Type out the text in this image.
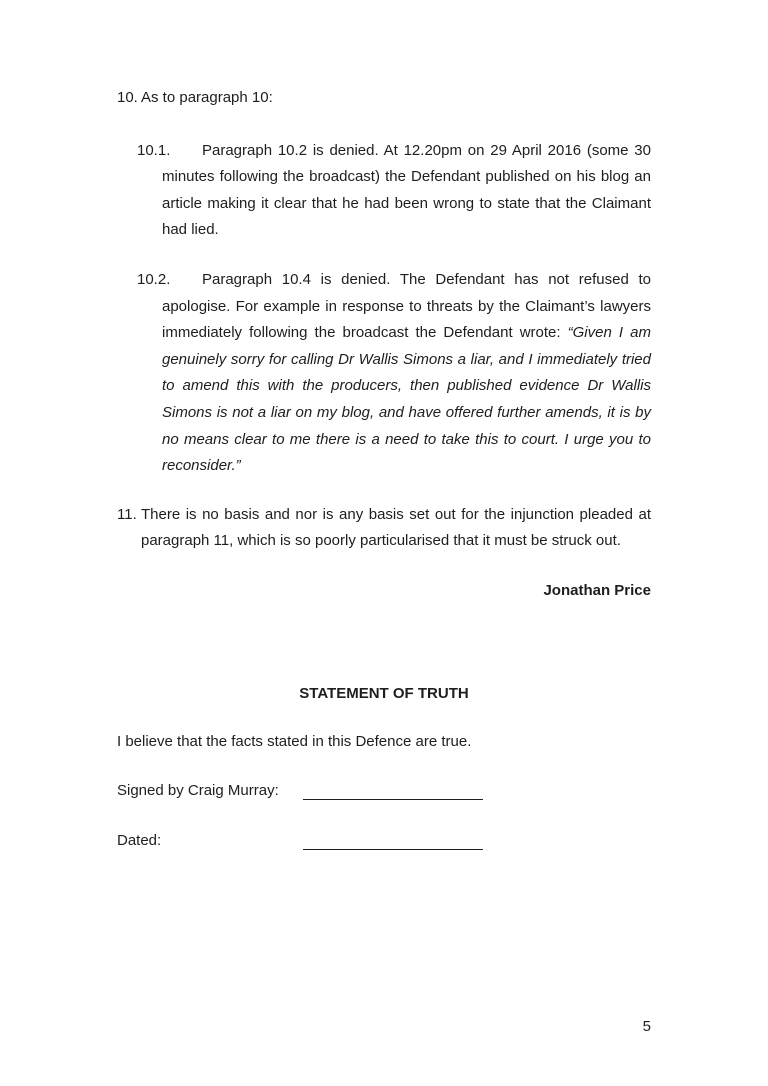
10. As to paragraph 10:
10.1. Paragraph 10.2 is denied. At 12.20pm on 29 April 2016 (some 30 minutes following the broadcast) the Defendant published on his blog an article making it clear that he had been wrong to state that the Claimant had lied.
10.2. Paragraph 10.4 is denied. The Defendant has not refused to apologise. For example in response to threats by the Claimant’s lawyers immediately following the broadcast the Defendant wrote: “Given I am genuinely sorry for calling Dr Wallis Simons a liar, and I immediately tried to amend this with the producers, then published evidence Dr Wallis Simons is not a liar on my blog, and have offered further amends, it is by no means clear to me there is a need to take this to court. I urge you to reconsider.”
11. There is no basis and nor is any basis set out for the injunction pleaded at paragraph 11, which is so poorly particularised that it must be struck out.
Jonathan Price
STATEMENT OF TRUTH
I believe that the facts stated in this Defence are true.
Signed by Craig Murray:
Dated:
5
